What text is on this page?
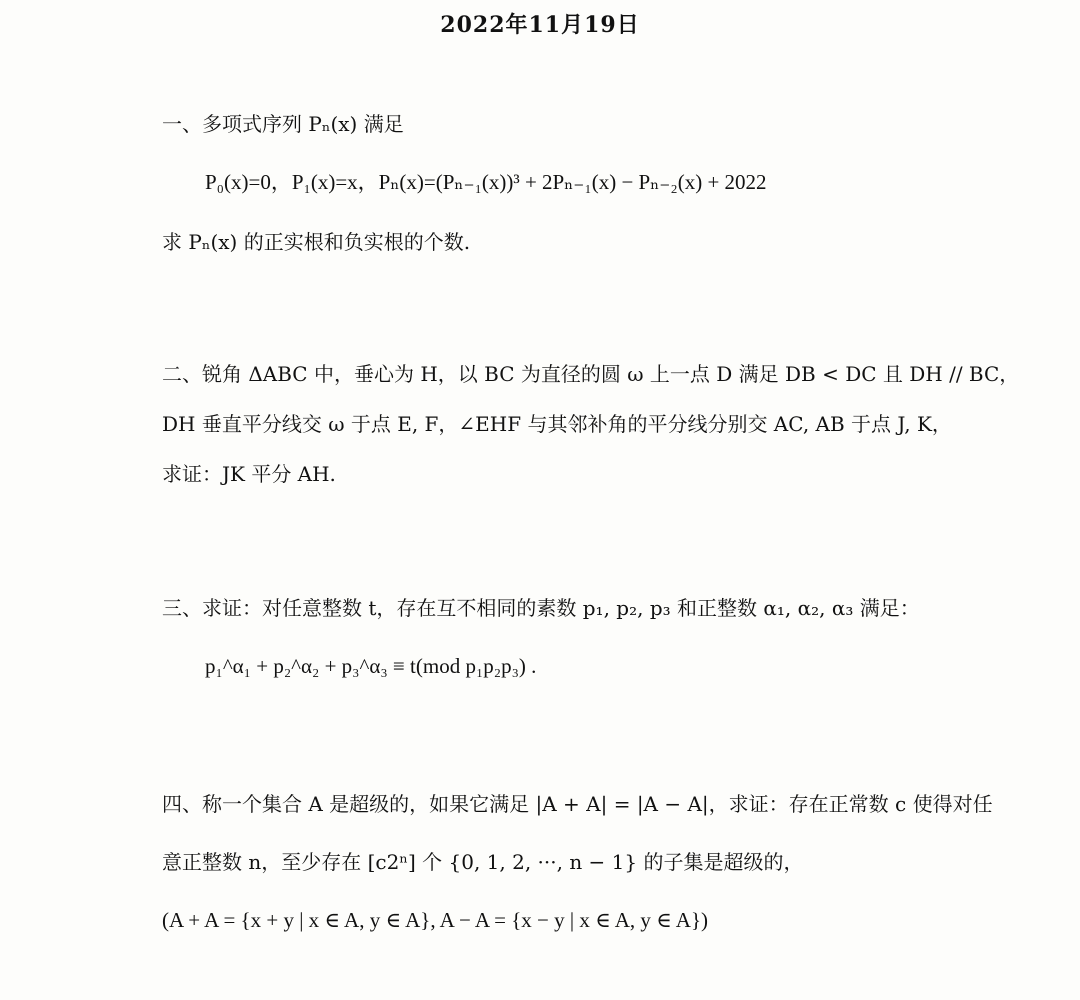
2022年11月19日
一、多项式序列 Pₙ(x) 满足
P₀(x)=0，P₁(x)=x，Pₙ(x)=(Pₙ₋₁(x))³ + 2Pₙ₋₁(x) − Pₙ₋₂(x) + 2022
求 Pₙ(x) 的正实根和负实根的个数.
二、锐角 ΔABC 中，垂心为 H，以 BC 为直径的圆 ω 上一点 D 满足 DB < DC 且 DH // BC，
DH 垂直平分线交 ω 于点 E, F，∠EHF 与其邻补角的平分线分别交 AC, AB 于点 J, K，
求证：JK 平分 AH.
三、求证：对任意整数 t，存在互不相同的素数 p₁, p₂, p₃ 和正整数 α₁, α₂, α₃ 满足：
p₁^α₁ + p₂^α₂ + p₃^α₃ ≡ t(mod p₁p₂p₃) .
四、称一个集合 A 是超级的，如果它满足 |A + A| = |A − A|，求证：存在正常数 c 使得对任
意正整数 n，至少存在 [c2ⁿ] 个 {0, 1, 2, ···, n − 1} 的子集是超级的，
(A + A = {x + y | x ∈ A, y ∈ A}, A − A = {x − y | x ∈ A, y ∈ A})
